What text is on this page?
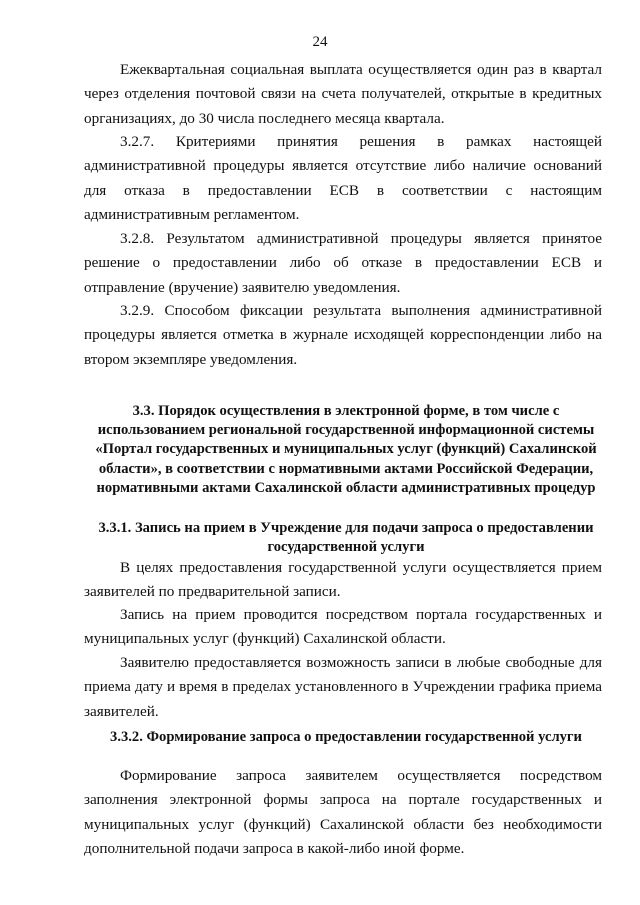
24
Ежеквартальная социальная выплата осуществляется один раз в квартал через отделения почтовой связи на счета получателей, открытые в кредитных организациях, до 30 числа последнего месяца квартала.
3.2.7. Критериями принятия решения в рамках настоящей административной процедуры является отсутствие либо наличие оснований для отказа в предоставлении ЕСВ в соответствии с настоящим административным регламентом.
3.2.8. Результатом административной процедуры является принятое решение о предоставлении либо об отказе в предоставлении ЕСВ и отправление (вручение) заявителю уведомления.
3.2.9. Способом фиксации результата выполнения административной процедуры является отметка в журнале исходящей корреспонденции либо на втором экземпляре уведомления.
3.3. Порядок осуществления в электронной форме, в том числе с использованием региональной государственной информационной системы «Портал государственных и муниципальных услуг (функций) Сахалинской области», в соответствии с нормативными актами Российской Федерации, нормативными актами Сахалинской области административных процедур
3.3.1. Запись на прием в Учреждение для подачи запроса о предоставлении государственной услуги
В целях предоставления государственной услуги осуществляется прием заявителей по предварительной записи.
Запись на прием проводится посредством портала государственных и муниципальных услуг (функций) Сахалинской области.
Заявителю предоставляется возможность записи в любые свободные для приема дату и время в пределах установленного в Учреждении графика приема заявителей.
3.3.2. Формирование запроса о предоставлении государственной услуги
Формирование запроса заявителем осуществляется посредством заполнения электронной формы запроса на портале государственных и муниципальных услуг (функций) Сахалинской области без необходимости дополнительной подачи запроса в какой-либо иной форме.
